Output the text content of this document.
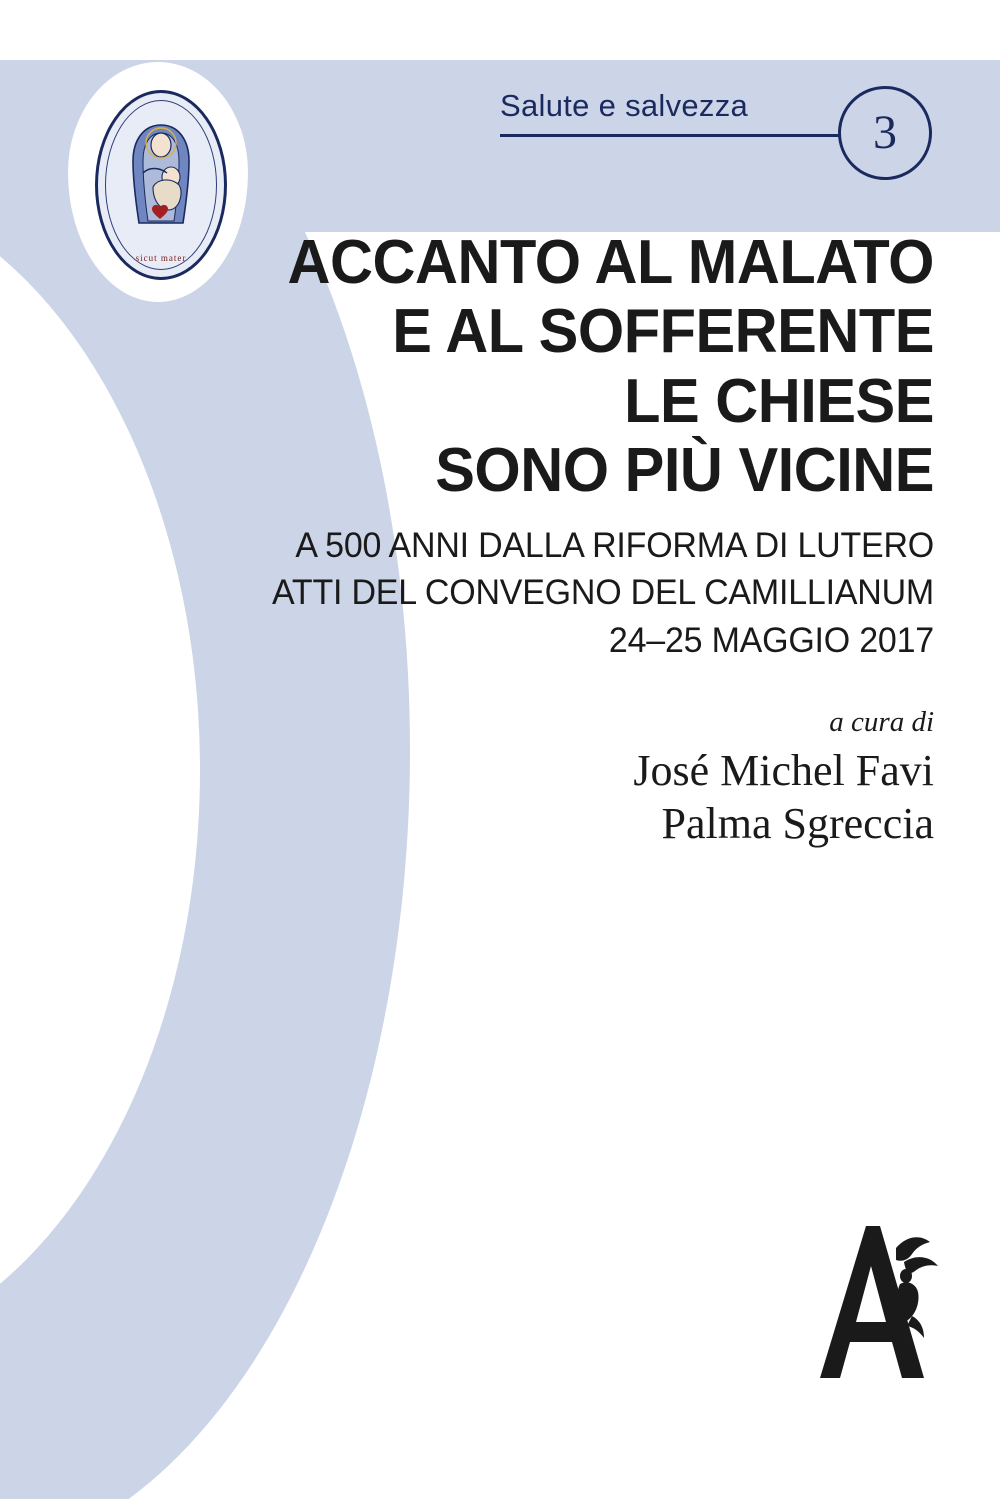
Salute e salvezza
3
sicut mater	ACCANTO AL MALATO
E AL SOFFERENTE
LE CHIESE
SONO PIÙ VICINE
A 500 ANNI DALLA RIFORMA DI LUTERO
ATTI DEL CONVEGNO DEL CAMILLIANUM
24–25 MAGGIO 2017
a cura di
José Michel Favi
Palma Sgreccia
